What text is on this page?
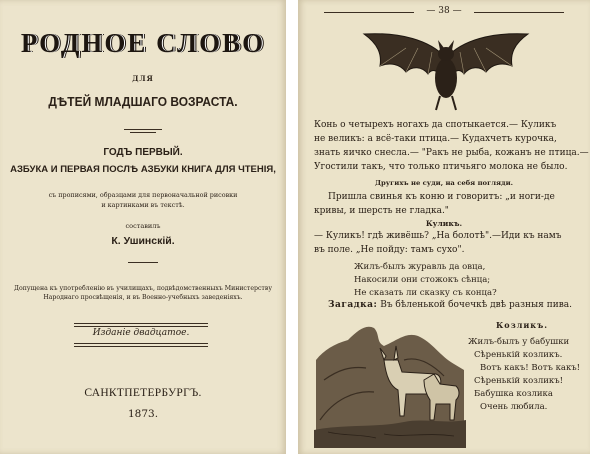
РОДНОЕ СЛОВО
ДЛЯ
ДѢТЕЙ МЛАДШАГО ВОЗРАСТА.
ГОДЪ ПЕРВЫЙ.
АЗБУКА И ПЕРВАЯ ПОСЛѢ АЗБУКИ КНИГА ДЛЯ ЧТЕНІЯ,
съ прописями, образцами для первоначальной рисовки
и картинками въ текстѣ.
составилъ
К. Ушинскій.
Допущена къ употребленію въ училищахъ, подвѣдомственныхъ Министерству
Народнаго просвѣщенія, и въ Военно-учебныхъ заведеніяхъ.
Изданіе двадцатое.
САНКТПЕТЕРБУРГЪ.
1873.
— 38 —
Конь о четырехъ ногахъ да спотыкается.— Куликъ
не великъ: а всё-таки птица.— Кудахчетъ курочка,
знать яичко снесла.— "Ракъ не рыба, кожанъ не птица.—
Угостили такъ, что только птичьяго молока не было.
Другихъ не суди, на себя погляди.
Пришла свинья къ коню и говоритъ: „и ноги-де
кривы, и шерсть не гладка."
Куликъ.
— Куликъ! гдѣ живёшь? „На болотѣ".—Иди къ намъ
въ поле. „Не пойду: тамъ сухо".
Жилъ-былъ журавль да овца,
Накосили они стожокъ сѣнца;
Не сказать ли сказку съ конца?
Загадка: Въ бѣленькой бочечкѣ двѣ разныя пива.
Козликъ.
Жилъ-былъ у бабушки
Сѣренькій козликъ.
Вотъ какъ! Вотъ какъ!
Сѣренькій козликъ!
Бабушка козлика
Очень любила.
